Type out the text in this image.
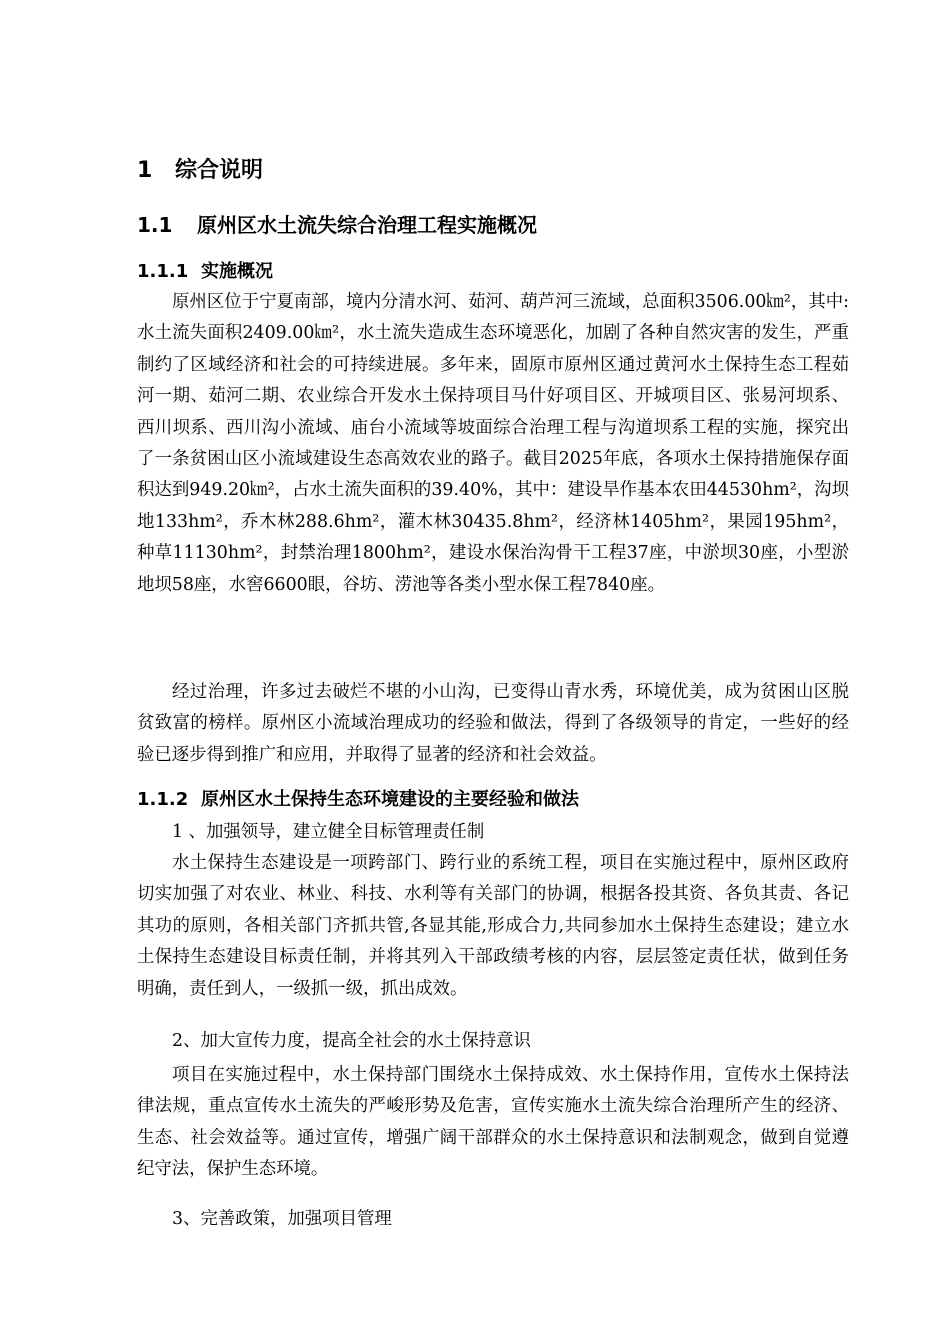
1 综合说明
1.1 原州区水土流失综合治理工程实施概况
1.1.1 实施概况

原州区位于宁夏南部，境内分清水河、茹河、葫芦河三流域，总面积3506.00㎞²，其中:水土流失面积2409.00㎞²，水土流失造成生态环境恶化，加剧了各种自然灾害的发生，严重制约了区域经济和社会的可持续进展。多年来，固原市原州区通过黄河水土保持生态工程茹河一期、茹河二期、农业综合开发水土保持项目马什好项目区、开城项目区、张易河坝系、西川坝系、西川沟小流域、庙台小流域等坡面综合治理工程与沟道坝系工程的实施，探究出了一条贫困山区小流域建设生态高效农业的路子。截目2025年底，各项水土保持措施保存面积达到949.20㎞²，占水土流失面积的39.40%，其中：建设旱作基本农田44530hm²，沟坝地133hm²，乔木林288.6hm²，灌木林30435.8hm²，经济林1405hm²，果园195hm²，种草11130hm²，封禁治理1800hm²，建设水保治沟骨干工程37座，中淤坝30座，小型淤地坝58座，水窖6600眼，谷坊、涝池等各类小型水保工程7840座。

经过治理，许多过去破烂不堪的小山沟，已变得山青水秀，环境优美，成为贫困山区脱贫致富的榜样。原州区小流域治理成功的经验和做法，得到了各级领导的肯定，一些好的经验已逐步得到推广和应用，并取得了显著的经济和社会效益。

1.1.2 原州区水土保持生态环境建设的主要经验和做法
1 、加强领导，建立健全目标管理责任制

水土保持生态建设是一项跨部门、跨行业的系统工程，项目在实施过程中，原州区政府切实加强了对农业、林业、科技、水利等有关部门的协调，根据各投其资、各负其责、各记其功的原则，各相关部门齐抓共管,各显其能,形成合力,共同参加水土保持生态建设；建立水土保持生态建设目标责任制，并将其列入干部政绩考核的内容，层层签定责任状，做到任务明确，责任到人，一级抓一级，抓出成效。

2、加大宣传力度，提高全社会的水土保持意识

项目在实施过程中，水土保持部门围绕水土保持成效、水土保持作用，宣传水土保持法律法规，重点宣传水土流失的严峻形势及危害，宣传实施水土流失综合治理所产生的经济、生态、社会效益等。通过宣传，增强广阔干部群众的水土保持意识和法制观念，做到自觉遵纪守法，保护生态环境。

3、完善政策，加强项目管理
